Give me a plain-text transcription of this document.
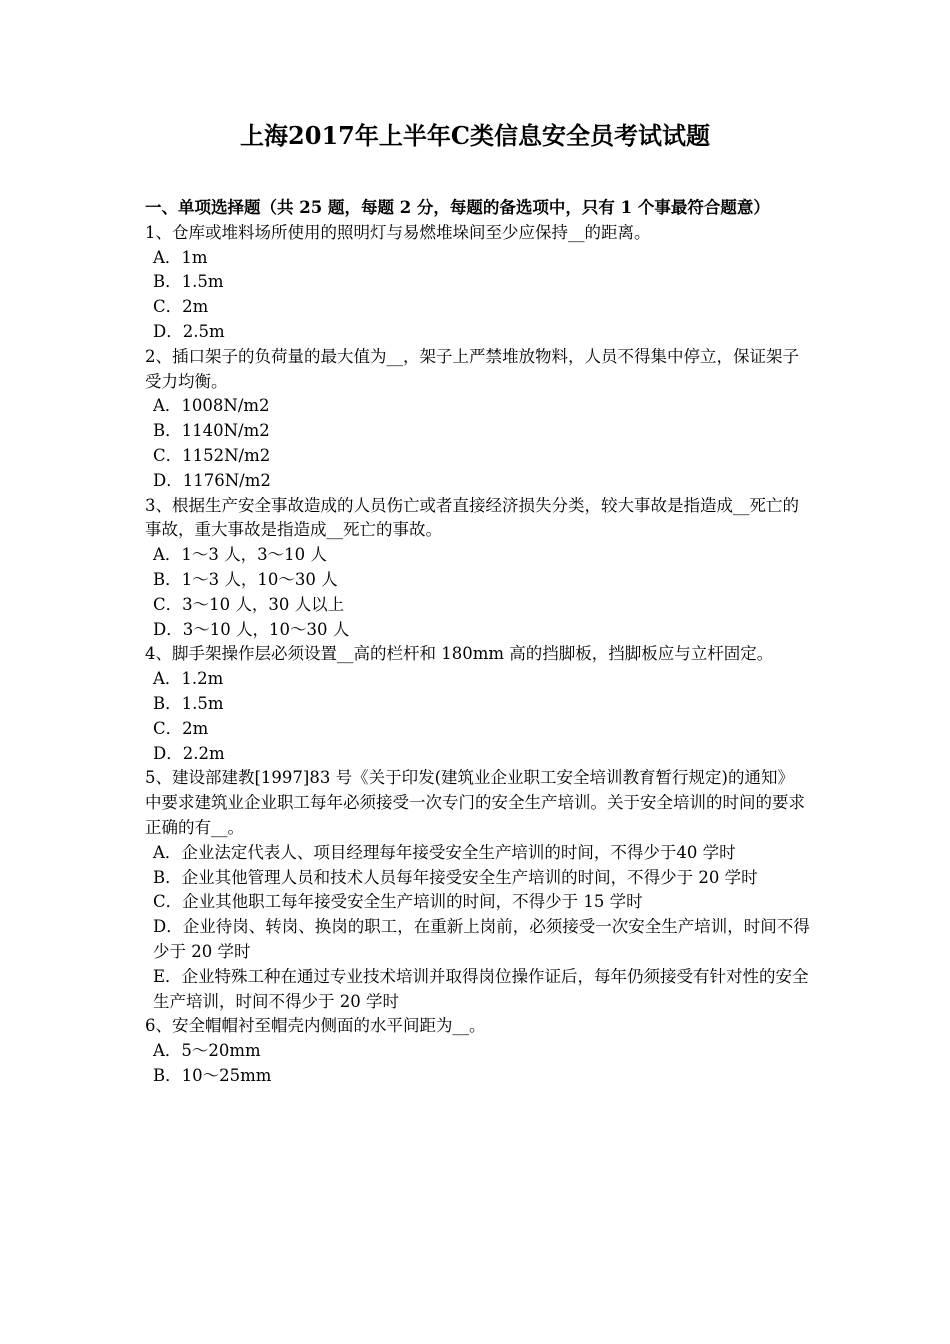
上海2017年上半年C类信息安全员考试试题

一、单项选择题（共 25 题，每题 2 分，每题的备选项中，只有 1 个事最符合题意）

1、仓库或堆料场所使用的照明灯与易燃堆垛间至少应保持__的距离。

A．1m

B．1.5m

C．2m

D．2.5m

2、插口架子的负荷量的最大值为__，架子上严禁堆放物料，人员不得集中停立，保证架子受力均衡。

A．1008N/m2

B．1140N/m2

C．1152N/m2

D．1176N/m2

3、根据生产安全事故造成的人员伤亡或者直接经济损失分类，较大事故是指造成__死亡的事故，重大事故是指造成__死亡的事故。

A．1～3 人，3～10 人

B．1～3 人，10～30 人

C．3～10 人，30 人以上

D．3～10 人，10～30 人

4、脚手架操作层必须设置__高的栏杆和 180mm 高的挡脚板，挡脚板应与立杆固定。

A．1.2m

B．1.5m

C．2m

D．2.2m

5、建设部建教[1997]83 号《关于印发(建筑业企业职工安全培训教育暂行规定)的通知》中要求建筑业企业职工每年必须接受一次专门的安全生产培训。关于安全培训的时间的要求正确的有__。

A．企业法定代表人、项目经理每年接受安全生产培训的时间，不得少于40 学时

B．企业其他管理人员和技术人员每年接受安全生产培训的时间，不得少于 20 学时

C．企业其他职工每年接受安全生产培训的时间，不得少于 15 学时

D．企业待岗、转岗、换岗的职工，在重新上岗前，必须接受一次安全生产培训，时间不得少于 20 学时

E．企业特殊工种在通过专业技术培训并取得岗位操作证后，每年仍须接受有针对性的安全生产培训，时间不得少于 20 学时

6、安全帽帽衬至帽壳内侧面的水平间距为__。

A．5～20mm

B．10～25mm
